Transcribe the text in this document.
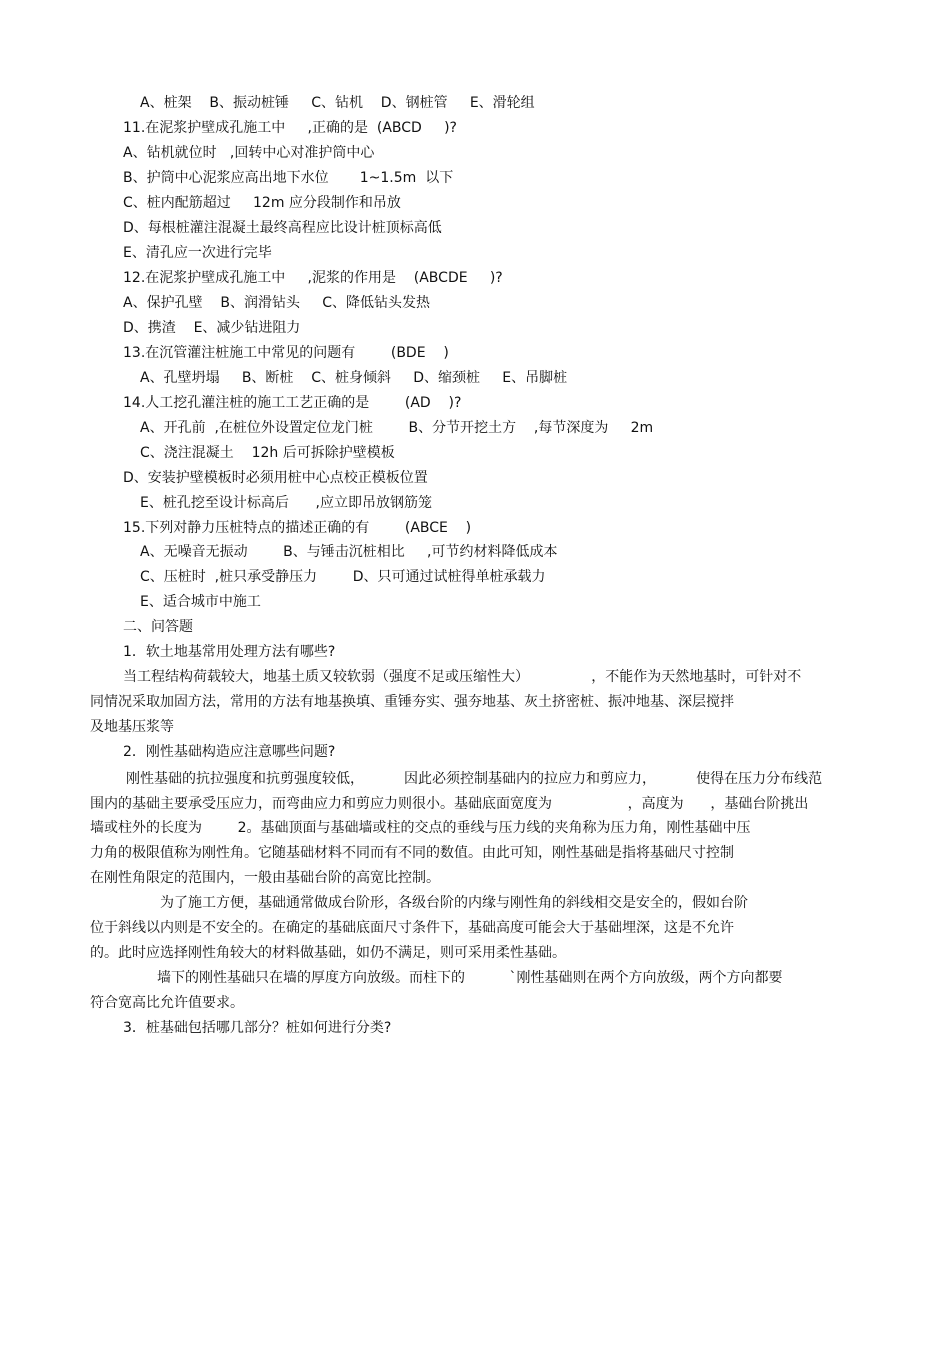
A、桩架    B、振动桩锤     C、钻机    D、钢桩管     E、滑轮组
11.在泥浆护壁成孔施工中     ,正确的是  (ABCD     )?
A、钻机就位时   ,回转中心对准护筒中心
B、护筒中心泥浆应高出地下水位       1~1.5m  以下
C、桩内配筋超过     12m 应分段制作和吊放
D、每根桩灌注混凝土最终高程应比设计桩顶标高低
E、清孔应一次进行完毕
12.在泥浆护壁成孔施工中     ,泥浆的作用是    (ABCDE     )?
A、保护孔壁    B、润滑钻头     C、降低钻头发热
D、携渣    E、减少钻进阻力
13.在沉管灌注桩施工中常见的问题有        (BDE    )
A、孔壁坍塌     B、断桩    C、桩身倾斜     D、缩颈桩     E、吊脚桩
14.人工挖孔灌注桩的施工工艺正确的是        (AD    )?
A、开孔前  ,在桩位外设置定位龙门桩        B、分节开挖土方    ,每节深度为     2m
C、浇注混凝土    12h 后可拆除护壁模板
D、安装护壁模板时必须用桩中心点校正模板位置
E、桩孔挖至设计标高后      ,应立即吊放钢筋笼
15.下列对静力压桩特点的描述正确的有        (ABCE    )
A、无噪音无振动        B、与锤击沉桩相比     ,可节约材料降低成本
C、压桩时  ,桩只承受静压力        D、只可通过试桩得单桩承载力
E、适合城市中施工
二、问答题
1．软土地基常用处理方法有哪些?
当工程结构荷载较大，地基土质又较软弱（强度不足或压缩性大）              ，不能作为天然地基时，可针对不
同情况采取加固方法，常用的方法有地基换填、重锤夯实、强夯地基、灰土挤密桩、振冲地基、深层搅拌
及地基压浆等
2．刚性基础构造应注意哪些问题?
刚性基础的抗拉强度和抗剪强度较低，         因此必须控制基础内的拉应力和剪应力，         使得在压力分布线范
围内的基础主要承受压应力，而弯曲应力和剪应力则很小。基础底面宽度为                 ，高度为      ，基础台阶挑出
墙或柱外的长度为        2。基础顶面与基础墙或柱的交点的垂线与压力线的夹角称为压力角，刚性基础中压
力角的极限值称为刚性角。它随基础材料不同而有不同的数值。由此可知，刚性基础是指将基础尺寸控制
在刚性角限定的范围内，一般由基础台阶的高宽比控制。
为了施工方便，基础通常做成台阶形，各级台阶的内缘与刚性角的斜线相交是安全的，假如台阶
位于斜线以内则是不安全的。在确定的基础底面尺寸条件下，基础高度可能会大于基础埋深，这是不允许
的。此时应选择刚性角较大的材料做基础，如仍不满足，则可采用柔性基础。
墙下的刚性基础只在墙的厚度方向放级。而柱下的          `刚性基础则在两个方向放级，两个方向都要
符合宽高比允许值要求。
3．桩基础包括哪几部分？桩如何进行分类?
